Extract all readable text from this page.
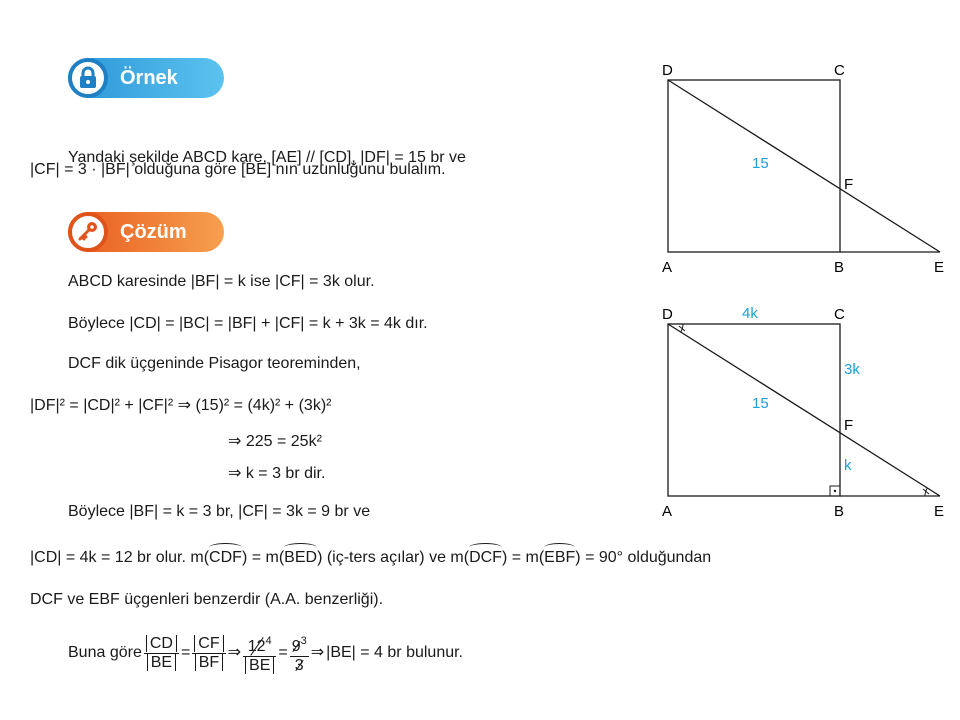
Örnek
Yandaki şekilde ABCD kare, [AE] // [CD], |DF| = 15 br ve
|CF| = 3 · |BF| olduğuna göre [BE] nın uzunluğunu bulalım.
Çözüm
ABCD karesinde |BF| = k ise |CF| = 3k olur.
Böylece |CD| = |BC| = |BF| + |CF| = k + 3k = 4k dır.
DCF dik üçgeninde Pisagor teoreminden,
|DF|² = |CD|² + |CF|² ⇒ (15)² = (4k)² + (3k)²
⇒ 225 = 25k²
⇒ k = 3 br dir.
Böylece |BF| = k = 3 br, |CF| = 3k = 9 br ve
|CD| = 4k = 12 br olur. m(CDF) = m(BED) (iç-ters açılar) ve m(DCF) = m(EBF) = 90° olduğundan
DCF ve EBF üçgenleri benzerdir (A.A. benzerliği).
Buna göre $\frac{CD}{BE} = \frac{CF}{BF}$ ⇒ $\frac{12^4}{BE} = \frac{9^3}{3}$ ⇒ |BE| = 4 br bulunur.
D	C
F
A	B	E
15
D	C
F
A	B	E
4k
3k
k
15
